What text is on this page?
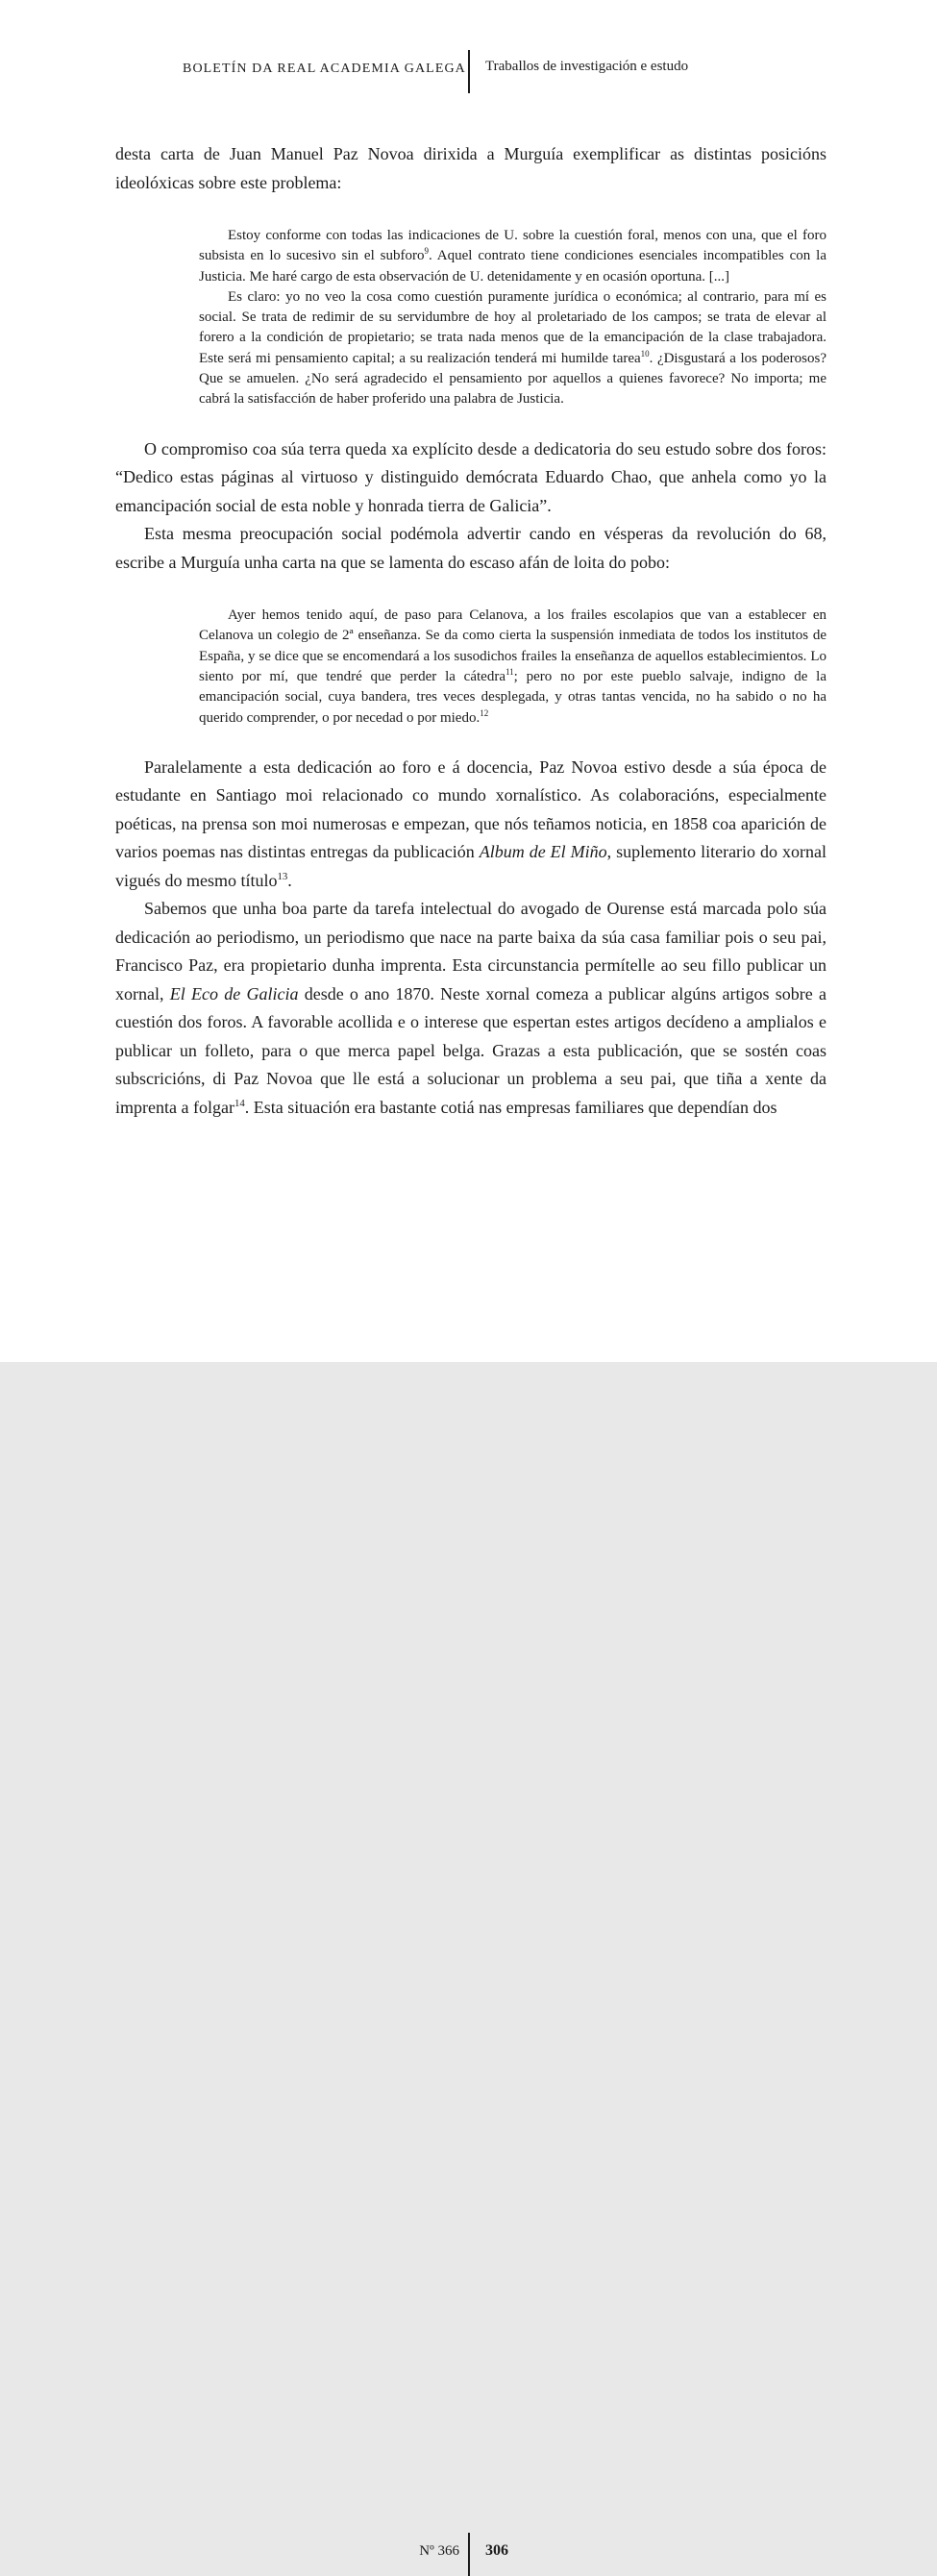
BOLETÍN DA REAL ACADEMIA GALEGA Traballos de investigación e estudo

desta carta de Juan Manuel Paz Novoa dirixida a Murguía exemplificar as distintas posicións ideolóxicas sobre este problema:

Estoy conforme con todas las indicaciones de U. sobre la cuestión foral, menos con una, que el foro subsista en lo sucesivo sin el subforo$^9$. Aquel contrato tiene condiciones esenciales incompatibles con la Justicia. Me haré cargo de esta observación de U. detenidamente y en ocasión oportuna. [...]

Es claro: yo no veo la cosa como cuestión puramente jurídica o económica; al contrario, para mí es social. Se trata de redimir de su servidumbre de hoy al proletariado de los campos; se trata de elevar al forero a la condición de propietario; se trata nada menos que de la emancipación de la clase trabajadora. Este será mi pensamiento capital; a su realización tenderá mi humilde tarea$^{10}$. ¿Disgustará a los poderosos? Que se amuelen. ¿No será agradecido el pensamiento por aquellos a quienes favorece? No importa; me cabrá la satisfacción de haber proferido una palabra de Justicia.

O compromiso coa súa terra queda xa explícito desde a dedicatoria do seu estudo sobre dos foros: “Dedico estas páginas al virtuoso y distinguido demócrata Eduardo Chao, que anhela como yo la emancipación social de esta noble y honrada tierra de Galicia”.

Esta mesma preocupación social podémola advertir cando en vésperas da revolución do 68, escribe a Murguía unha carta na que se lamenta do escaso afán de loita do pobo:

Ayer hemos tenido aquí, de paso para Celanova, a los frailes escolapios que van a establecer en Celanova un colegio de 2ª enseñanza. Se da como cierta la suspensión inmediata de todos los institutos de España, y se dice que se encomendará a los susodichos frailes la enseñanza de aquellos establecimientos. Lo siento por mí, que tendré que perder la cátedra$^{11}$; pero no por este pueblo salvaje, indigno de la emancipación social, cuya bandera, tres veces desplegada, y otras tantas vencida, no ha sabido o no ha querido comprender, o por necedad o por miedo.$^{12}$

Paralelamente a esta dedicación ao foro e á docencia, Paz Novoa estivo desde a súa época de estudante en Santiago moi relacionado co mundo xornalístico. As colaboracións, especialmente poéticas, na prensa son moi numerosas e empezan, que nós teñamos noticia, en 1858 coa aparición de varios poemas nas distintas entregas da publicación Album de El Miño, suplemento literario do xornal vigués do mesmo título$^{13}$.

Sabemos que unha boa parte da tarefa intelectual do avogado de Ourense está marcada polo súa dedicación ao periodismo, un periodismo que nace na parte baixa da súa casa familiar pois o seu pai, Francisco Paz, era propietario dunha imprenta. Esta circunstancia permítelle ao seu fillo publicar un xornal, El Eco de Galicia desde o ano 1870. Neste xornal comeza a publicar algúns artigos sobre a cuestión dos foros. A favorable acollida e o interese que espertan estes artigos decídeno a amplialos e publicar un folleto, para o que merca papel belga. Grazas a esta publicación, que se sostén coas subscricións, di Paz Novoa que lle está a solucionar un problema a seu pai, que tiña a xente da imprenta a folgar$^{14}$. Esta situación era bastante cotiá nas empresas familiares que dependían dos

Nº 366 306
